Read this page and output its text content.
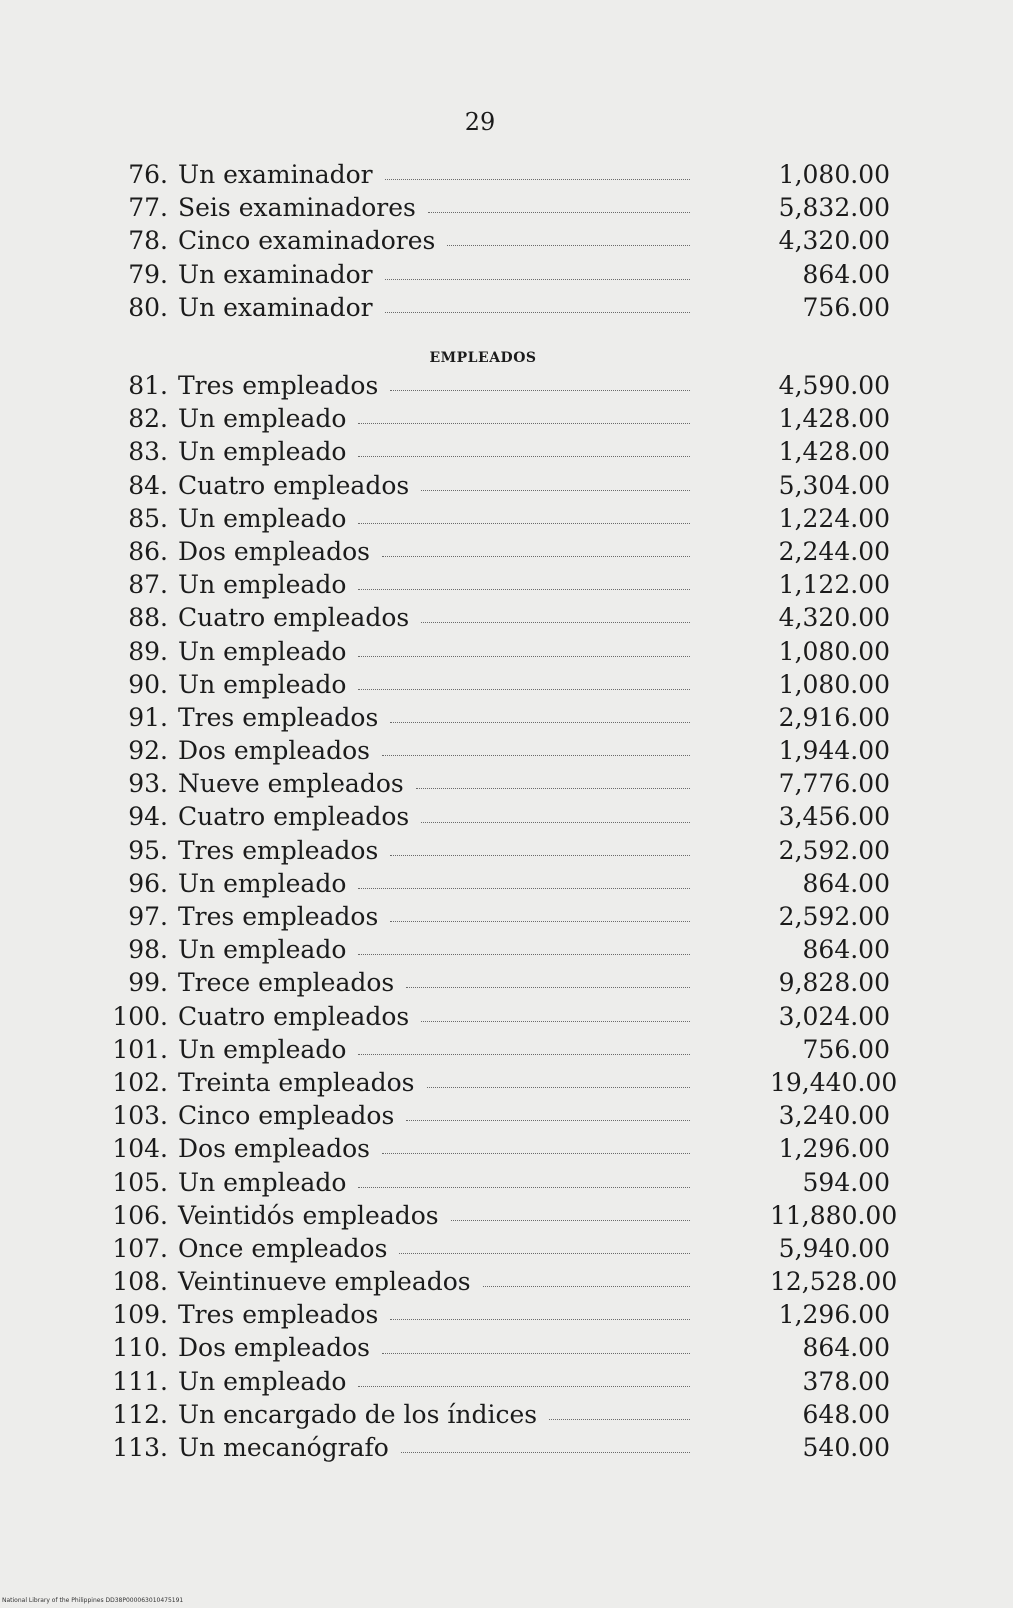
29
76. Un examinador	1,080.00
77. Seis examinadores	5,832.00
78. Cinco examinadores	4,320.00
79. Un examinador	864.00
80. Un examinador	756.00
EMPLEADOS
81. Tres empleados	4,590.00
82. Un empleado	1,428.00
83. Un empleado	1,428.00
84. Cuatro empleados	5,304.00
85. Un empleado	1,224.00
86. Dos empleados	2,244.00
87. Un empleado	1,122.00
88. Cuatro empleados	4,320.00
89. Un empleado	1,080.00
90. Un empleado	1,080.00
91. Tres empleados	2,916.00
92. Dos empleados	1,944.00
93. Nueve empleados	7,776.00
94. Cuatro empleados	3,456.00
95. Tres empleados	2,592.00
96. Un empleado	864.00
97. Tres empleados	2,592.00
98. Un empleado	864.00
99. Trece empleados	9,828.00
100. Cuatro empleados	3,024.00
101. Un empleado	756.00
102. Treinta empleados	19,440.00
103. Cinco empleados	3,240.00
104. Dos empleados	1,296.00
105. Un empleado	594.00
106. Veintidós empleados	11,880.00
107. Once empleados	5,940.00
108. Veintinueve empleados	12,528.00
109. Tres empleados	1,296.00
110. Dos empleados	864.00
111. Un empleado	378.00
112. Un encargado de los índices	648.00
113. Un mecanógrafo	540.00
National Library of the Philippines DD38P000063010475191
